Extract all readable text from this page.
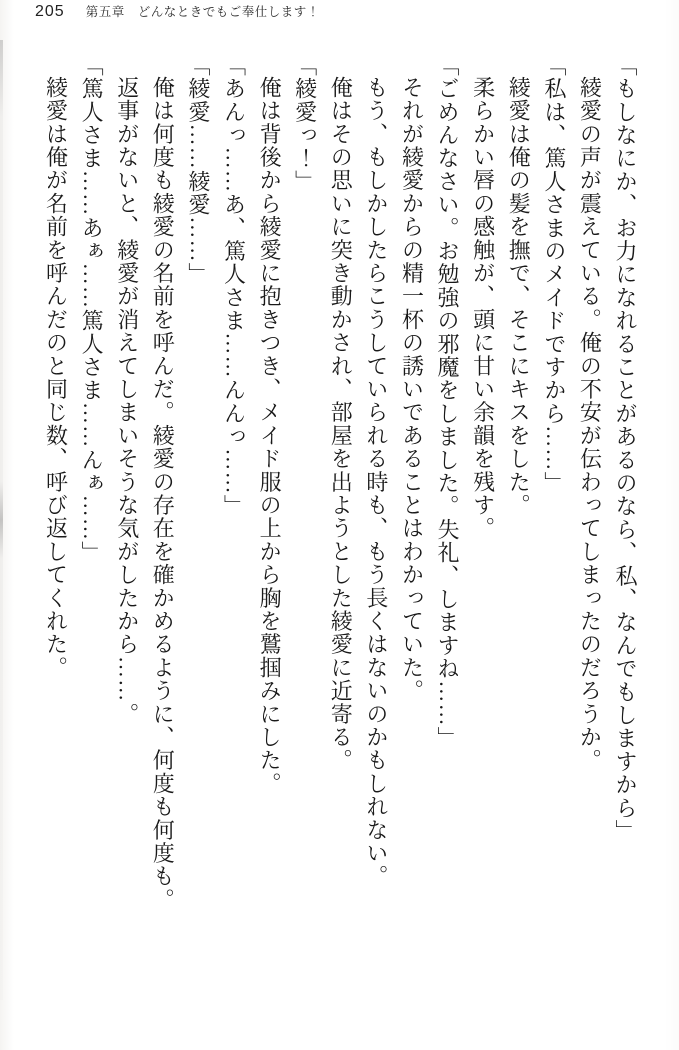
205 第五章　どんなときでもご奉仕します！

「もしなにか、お力になれることがあるのなら、私、なんでもしますから」

綾愛の声が震えている。俺の不安が伝わってしまったのだろうか。

「私は、篤人さまのメイドですから……」

綾愛は俺の髪を撫で、そこにキスをした。

柔らかい唇の感触が、頭に甘い余韻を残す。

「ごめんなさい。お勉強の邪魔をしました。失礼、しますね……」

それが綾愛からの精一杯の誘いであることはわかっていた。

もう、もしかしたらこうしていられる時も、もう長くはないのかもしれない。

俺はその思いに突き動かされ、部屋を出ようとした綾愛に近寄る。

「綾愛っ！」

俺は背後から綾愛に抱きつき、メイド服の上から胸を鷲掴みにした。

「あんっ……あ、篤人さま……んんっ……」

「綾愛……綾愛……」

俺は何度も綾愛の名前を呼んだ。綾愛の存在を確かめるように、何度も何度も。

返事がないと、綾愛が消えてしまいそうな気がしたから……。

「篤人さま……あぁ……篤人さま……んぁ……」

綾愛は俺が名前を呼んだのと同じ数、呼び返してくれた。
